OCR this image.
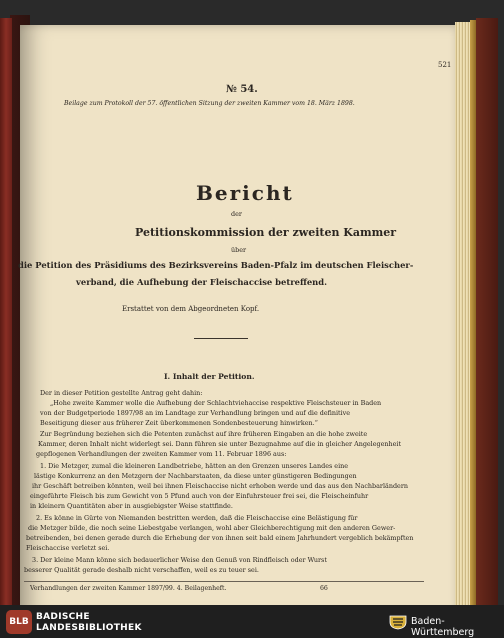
521
№ 54.
Beilage zum Protokoll der 57. öffentlichen Sitzung der zweiten Kammer vom 18. März 1898.
Bericht
der
Petitionskommission der zweiten Kammer
über
die Petition des Präsidiums des Bezirksvereins Baden-Pfalz im deutschen Fleischer-
verband, die Aufhebung der Fleischaccise betreffend.
Erstattet von dem Abgeordneten Kopf.
I. Inhalt der Petition.
Der in dieser Petition gestellte Antrag geht dahin:
„Hohe zweite Kammer wolle die Aufhebung der Schlachtviehaccise respektive Fleischsteuer in Baden
von der Budgetperiode 1897/98 an im Landtage zur Verhandlung bringen und auf die definitive
Beseitigung dieser aus früherer Zeit überkommenen Sondenbesteuerung hinwirken.“
Zur Begründung beziehen sich die Petenten zunächst auf ihre früheren Eingaben an die hohe zweite
Kammer, deren Inhalt nicht widerlegt sei. Dann führen sie unter Bezugnahme auf die in gleicher Angelegenheit
gepflogenen Verhandlungen der zweiten Kammer vom 11. Februar 1896 aus:
1. Die Metzger, zumal die kleineren Landbetriebe, hätten an den Grenzen unseres Landes eine
lästige Konkurrenz an den Metzgern der Nachbarstaaten, da diese unter günstigeren Bedingungen
ihr Geschäft betreiben könnten, weil bei ihnen Fleischaccise nicht erhoben werde und das aus den Nachbarländern
eingeführte Fleisch bis zum Gewicht von 5 Pfund auch von der Einfuhrsteuer frei sei, die Fleischeinfuhr
in kleinern Quantitäten aber in ausgiebigster Weise stattfinde.
2. Es könne in Gürte von Niemanden bestritten werden, daß die Fleischaccise eine Belästigung für
die Metzger bilde, die noch seine Liebestgabe verlangen, wohl aber Gleichberechtigung mit den anderen Gewer-
betreibenden, bei denen gerade durch die Erhebung der von ihnen seit bald einem Jahrhundert vergeblich bekämpften
Fleischaccise verletzt sei.
3. Der kleine Mann könne sich bedauerlicher Weise den Genuß von Rindfleisch oder Wurst
besserer Qualität gerade deshalb nicht verschaffen, weil es zu teuer sei.
Verhandlungen der zweiten Kammer 1897/99. 4. Beilagenheft.	66
BLB BADISCHE
LANDESBIBLIOTHEK
Baden-Württemberg
